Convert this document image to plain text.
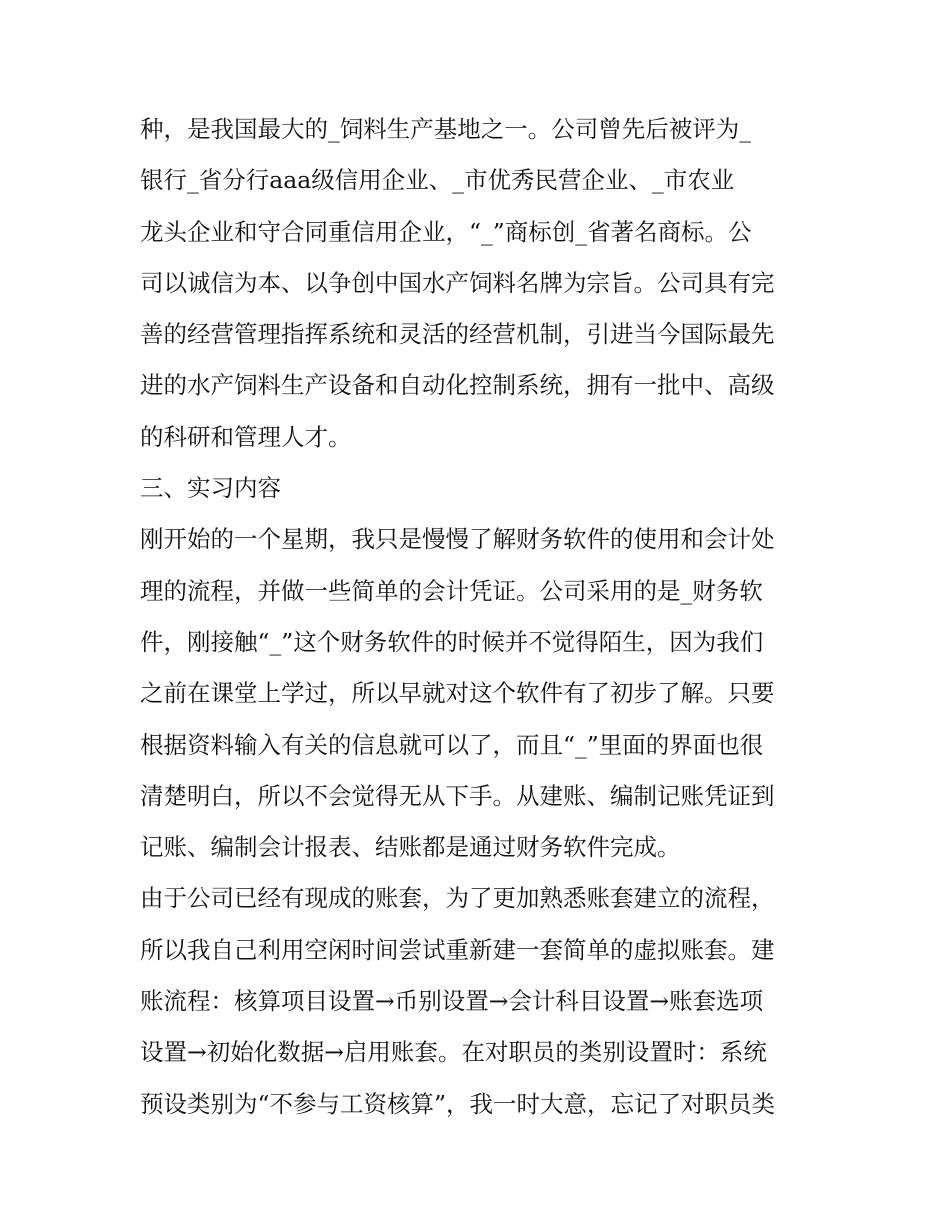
种，是我国最大的_饲料生产基地之一。公司曾先后被评为_
银行_省分行aaa级信用企业、_市优秀民营企业、_市农业
龙头企业和守合同重信用企业，“_”商标创_省著名商标。公
司以诚信为本、以争创中国水产饲料名牌为宗旨。公司具有完
善的经营管理指挥系统和灵活的经营机制，引进当今国际最先
进的水产饲料生产设备和自动化控制系统，拥有一批中、高级
的科研和管理人才。
三、实习内容
刚开始的一个星期，我只是慢慢了解财务软件的使用和会计处
理的流程，并做一些简单的会计凭证。公司采用的是_财务软
件，刚接触“_”这个财务软件的时候并不觉得陌生，因为我们
之前在课堂上学过，所以早就对这个软件有了初步了解。只要
根据资料输入有关的信息就可以了，而且“_”里面的界面也很
清楚明白，所以不会觉得无从下手。从建账、编制记账凭证到
记账、编制会计报表、结账都是通过财务软件完成。
由于公司已经有现成的账套，为了更加熟悉账套建立的流程，
所以我自己利用空闲时间尝试重新建一套简单的虚拟账套。建
账流程：核算项目设置→币别设置→会计科目设置→账套选项
设置→初始化数据→启用账套。在对职员的类别设置时：系统
预设类别为“不参与工资核算”，我一时大意，忘记了对职员类
